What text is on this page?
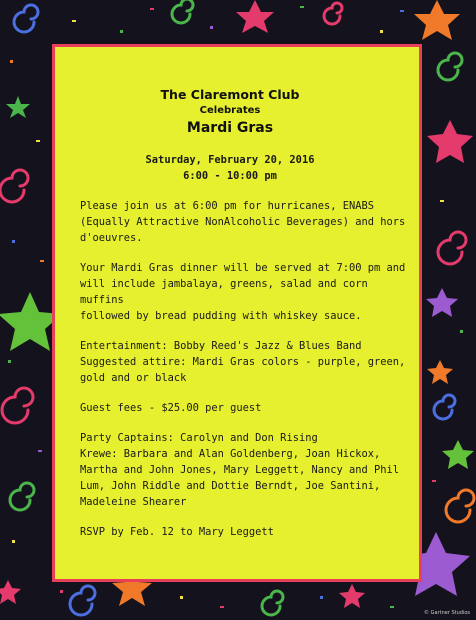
The Claremont Club
Celebrates
Mardi Gras
Saturday, February 20, 2016
6:00 - 10:00 pm

Please join us at 6:00 pm for hurricanes, ENABS
(Equally Attractive NonAlcoholic Beverages) and hors
d'oeuvres.

Your Mardi Gras dinner will be served at 7:00 pm and
will include jambalaya, greens, salad and corn muffins
followed by bread pudding with whiskey sauce.

Entertainment: Bobby Reed's Jazz & Blues Band
Suggested attire: Mardi Gras colors - purple, green,
gold and or black

Guest fees - $25.00 per guest

Party Captains: Carolyn and Don Rising
Krewe: Barbara and Alan Goldenberg, Joan Hickox,
Martha and John Jones, Mary Leggett, Nancy and Phil
Lum, John Riddle and Dottie Berndt, Joe Santini,
Madeleine Shearer

RSVP by Feb. 12 to Mary Leggett

© Gartner Studios
